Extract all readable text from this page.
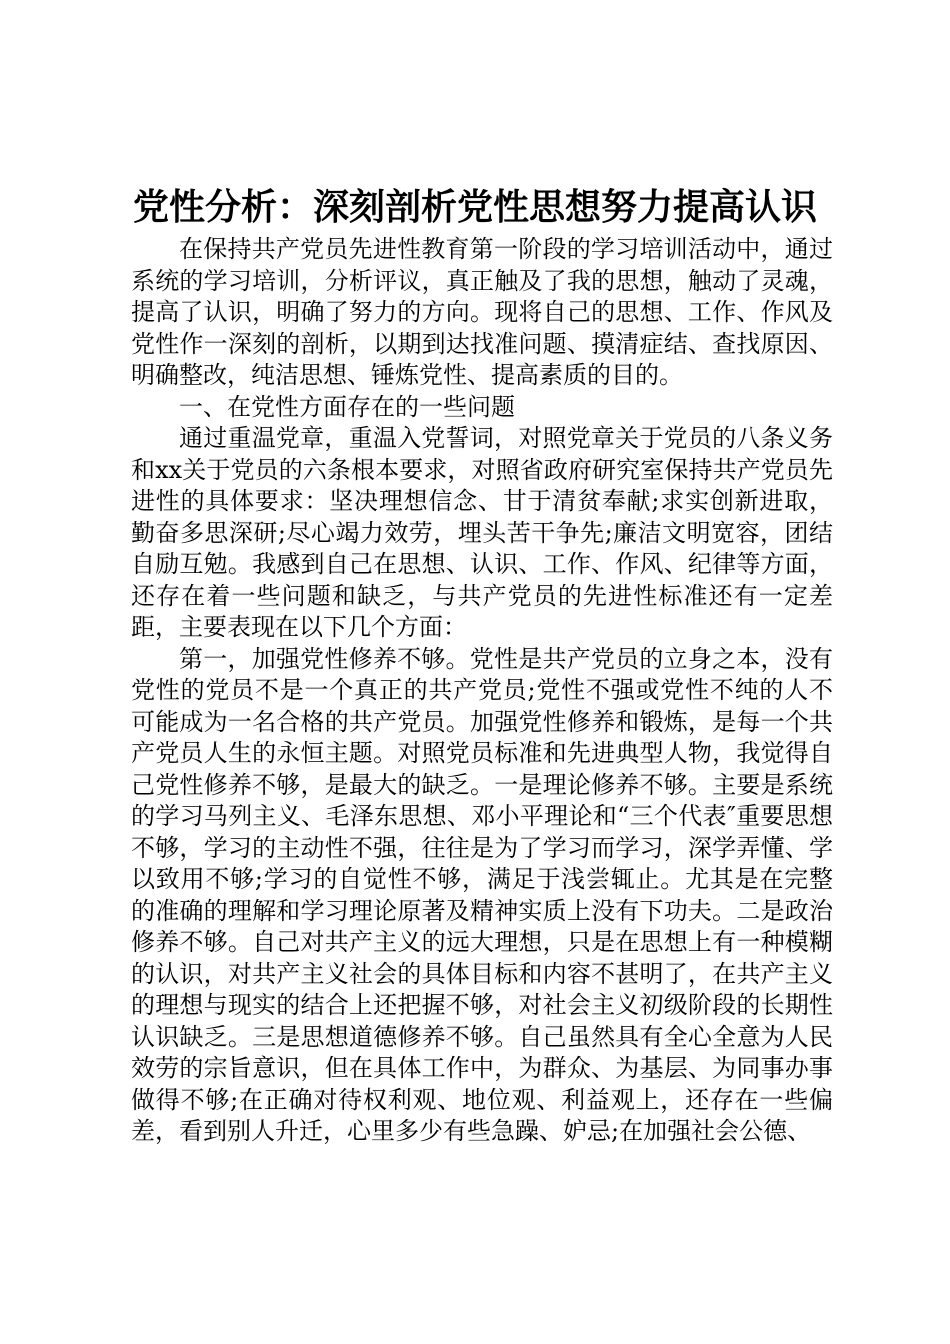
党性分析：深刻剖析党性思想努力提高认识

在保持共产党员先进性教育第一阶段的学习培训活动中，通过系统的学习培训，分析评议，真正触及了我的思想，触动了灵魂，提高了认识，明确了努力的方向。现将自己的思想、工作、作风及党性作一深刻的剖析，以期到达找准问题、摸清症结、查找原因、明确整改，纯洁思想、锤炼党性、提高素质的目的。

一、在党性方面存在的一些问题

通过重温党章，重温入党誓词，对照党章关于党员的八条义务和xx关于党员的六条根本要求，对照省政府研究室保持共产党员先进性的具体要求：坚决理想信念、甘于清贫奉献;求实创新进取，勤奋多思深研;尽心竭力效劳，埋头苦干争先;廉洁文明宽容，团结自励互勉。我感到自己在思想、认识、工作、作风、纪律等方面，还存在着一些问题和缺乏，与共产党员的先进性标准还有一定差距，主要表现在以下几个方面：

第一，加强党性修养不够。党性是共产党员的立身之本，没有党性的党员不是一个真正的共产党员;党性不强或党性不纯的人不可能成为一名合格的共产党员。加强党性修养和锻炼，是每一个共产党员人生的永恒主题。对照党员标准和先进典型人物，我觉得自己党性修养不够，是最大的缺乏。一是理论修养不够。主要是系统的学习马列主义、毛泽东思想、邓小平理论和“三个代表″重要思想不够，学习的主动性不强，往往是为了学习而学习，深学弄懂、学以致用不够;学习的自觉性不够，满足于浅尝辄止。尤其是在完整的准确的理解和学习理论原著及精神实质上没有下功夫。二是政治修养不够。自己对共产主义的远大理想，只是在思想上有一种模糊的认识，对共产主义社会的具体目标和内容不甚明了，在共产主义的理想与现实的结合上还把握不够，对社会主义初级阶段的长期性认识缺乏。三是思想道德修养不够。自己虽然具有全心全意为人民效劳的宗旨意识，但在具体工作中，为群众、为基层、为同事办事做得不够;在正确对待权利观、地位观、利益观上，还存在一些偏差，看到别人升迁，心里多少有些急躁、妒忌;在加强社会公德、
